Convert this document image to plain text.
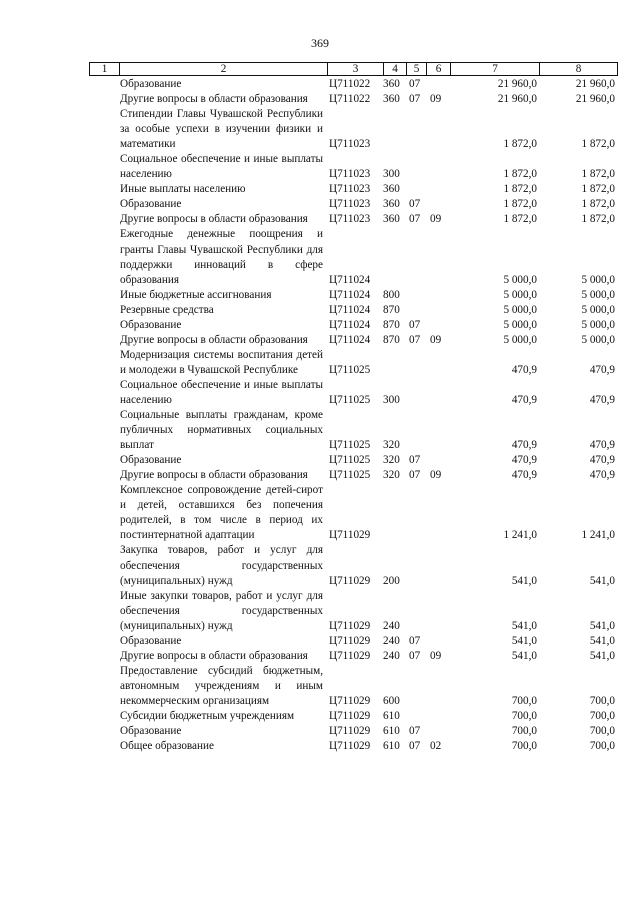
369
1	2	3	4	5	6	7	8
Образование	Ц711022	360	07		21 960,0	21 960,0
Другие вопросы в области образования	Ц711022	360	07	09	21 960,0	21 960,0
Стипендии Главы Чувашской Республики за особые успехи в изучении физики и математики	Ц711023				1 872,0	1 872,0
Социальное обеспечение и иные выплаты населению	Ц711023	300			1 872,0	1 872,0
Иные выплаты населению	Ц711023	360			1 872,0	1 872,0
Образование	Ц711023	360	07		1 872,0	1 872,0
Другие вопросы в области образования	Ц711023	360	07	09	1 872,0	1 872,0
Ежегодные денежные поощрения и гранты Главы Чувашской Республики для поддержки инноваций в сфере образования	Ц711024				5 000,0	5 000,0
Иные бюджетные ассигнования	Ц711024	800			5 000,0	5 000,0
Резервные средства	Ц711024	870			5 000,0	5 000,0
Образование	Ц711024	870	07		5 000,0	5 000,0
Другие вопросы в области образования	Ц711024	870	07	09	5 000,0	5 000,0
Модернизация системы воспитания детей и молодежи в Чувашской Республике	Ц711025				470,9	470,9
Социальное обеспечение и иные выплаты населению	Ц711025	300			470,9	470,9
Социальные выплаты гражданам, кроме публичных нормативных социальных выплат	Ц711025	320			470,9	470,9
Образование	Ц711025	320	07		470,9	470,9
Другие вопросы в области образования	Ц711025	320	07	09	470,9	470,9
Комплексное сопровождение детей-сирот и детей, оставшихся без попечения родителей, в том числе в период их постинтернатной адаптации	Ц711029				1 241,0	1 241,0
Закупка товаров, работ и услуг для обеспечения государственных (муниципальных) нужд	Ц711029	200			541,0	541,0
Иные закупки товаров, работ и услуг для обеспечения государственных (муниципальных) нужд	Ц711029	240			541,0	541,0
Образование	Ц711029	240	07		541,0	541,0
Другие вопросы в области образования	Ц711029	240	07	09	541,0	541,0
Предоставление субсидий бюджетным, автономным учреждениям и иным некоммерческим организациям	Ц711029	600			700,0	700,0
Субсидии бюджетным учреждениям	Ц711029	610			700,0	700,0
Образование	Ц711029	610	07		700,0	700,0
Общее образование	Ц711029	610	07	02	700,0	700,0
